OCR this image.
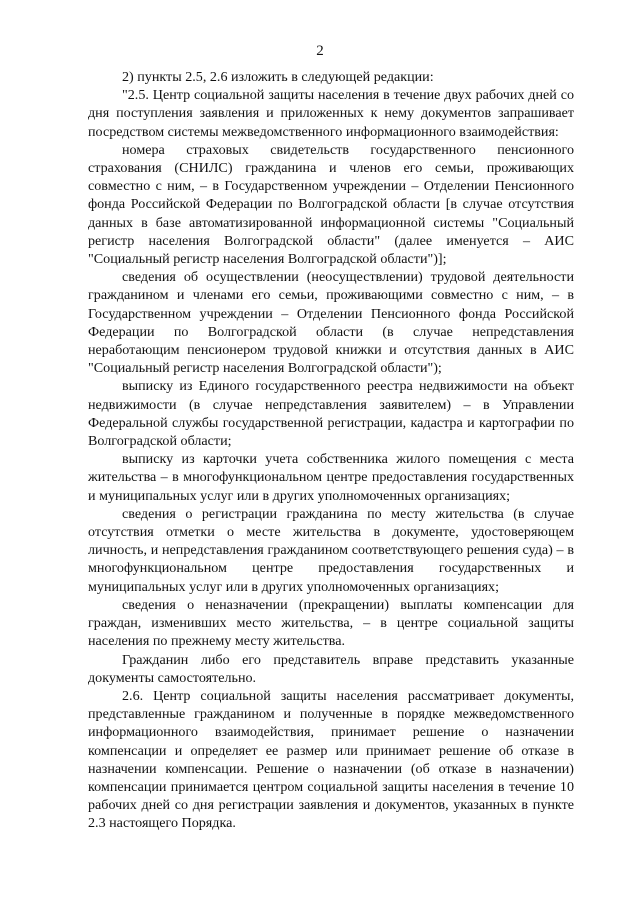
2

2) пункты 2.5, 2.6 изложить в следующей редакции:

"2.5. Центр социальной защиты населения в течение двух рабочих дней со дня поступления заявления и приложенных к нему документов запрашивает посредством системы межведомственного информационного взаимодействия:

номера страховых свидетельств государственного пенсионного страхования (СНИЛС) гражданина и членов его семьи, проживающих совместно с ним, – в Государственном учреждении – Отделении Пенсионного фонда Российской Федерации по Волгоградской области [в случае отсутствия данных в базе автоматизированной информационной системы "Социальный регистр населения Волгоградской области" (далее именуется – АИС "Социальный регистр населения Волгоградской области")];

сведения об осуществлении (неосуществлении) трудовой деятельности гражданином и членами его семьи, проживающими совместно с ним, – в Государственном учреждении – Отделении Пенсионного фонда Российской Федерации по Волгоградской области (в случае непредставления неработающим пенсионером трудовой книжки и отсутствия данных в АИС "Социальный регистр населения Волгоградской области");

выписку из Единого государственного реестра недвижимости на объект недвижимости (в случае непредставления заявителем) – в Управлении Федеральной службы государственной регистрации, кадастра и картографии по Волгоградской области;

выписку из карточки учета собственника жилого помещения с места жительства – в многофункциональном центре предоставления государственных и муниципальных услуг или в других уполномоченных организациях;

сведения о регистрации гражданина по месту жительства (в случае отсутствия отметки о месте жительства в документе, удостоверяющем личность, и непредставления гражданином соответствующего решения суда) – в многофункциональном центре предоставления государственных и муниципальных услуг или в других уполномоченных организациях;

сведения о неназначении (прекращении) выплаты компенсации для граждан, изменивших место жительства, – в центре социальной защиты населения по прежнему месту жительства.

Гражданин либо его представитель вправе представить указанные документы самостоятельно.

2.6. Центр социальной защиты населения рассматривает документы, представленные гражданином и полученные в порядке межведомственного информационного взаимодействия, принимает решение о назначении компенсации и определяет ее размер или принимает решение об отказе в назначении компенсации. Решение о назначении (об отказе в назначении) компенсации принимается центром социальной защиты населения в течение 10 рабочих дней со дня регистрации заявления и документов, указанных в пункте 2.3 настоящего Порядка.
